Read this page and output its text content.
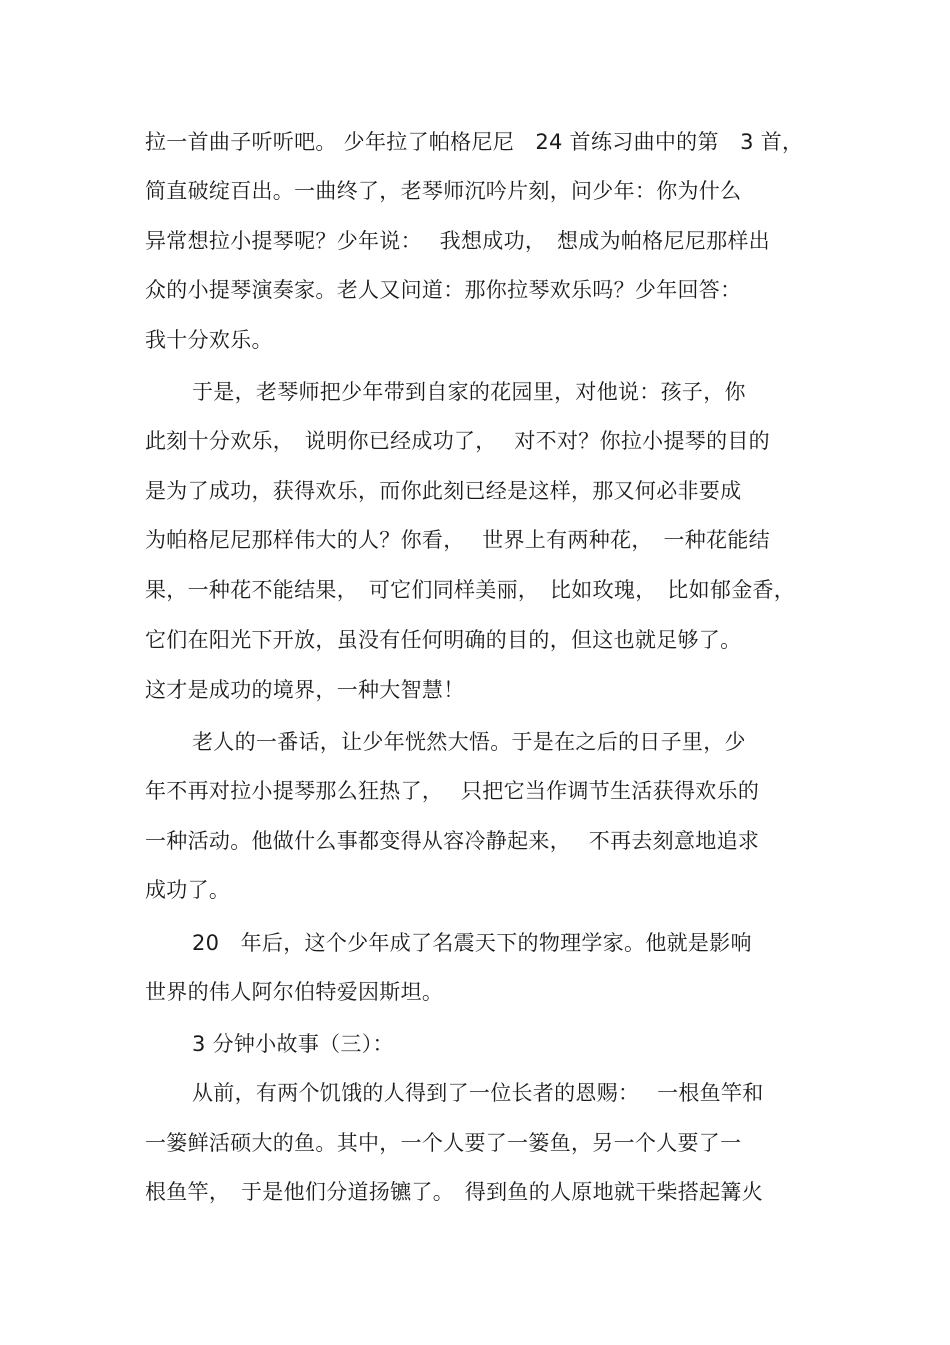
拉一首曲子听听吧。 少年拉了帕格尼尼　24 首练习曲中的第　3 首，
简直破绽百出。一曲终了，老琴师沉吟片刻，问少年：你为什么
异常想拉小提琴呢？少年说：　 我想成功，　想成为帕格尼尼那样出
众的小提琴演奏家。老人又问道：那你拉琴欢乐吗？少年回答：
我十分欢乐。
于是，老琴师把少年带到自家的花园里，对他说：孩子，你
此刻十分欢乐，　说明你已经成功了，　 对不对？你拉小提琴的目的
是为了成功，获得欢乐，而你此刻已经是这样，那又何必非要成
为帕格尼尼那样伟大的人？你看，　 世界上有两种花，　一种花能结
果，一种花不能结果，　可它们同样美丽，　比如玫瑰，　比如郁金香，
它们在阳光下开放，虽没有任何明确的目的，但这也就足够了。
这才是成功的境界，一种大智慧！
老人的一番话，让少年恍然大悟。于是在之后的日子里，少
年不再对拉小提琴那么狂热了，　 只把它当作调节生活获得欢乐的
一种活动。他做什么事都变得从容冷静起来，　 不再去刻意地追求
成功了。
20　年后，这个少年成了名震天下的物理学家。他就是影响
世界的伟人阿尔伯特爱因斯坦。
3 分钟小故事（三）：
从前，有两个饥饿的人得到了一位长者的恩赐：　 一根鱼竿和
一篓鲜活硕大的鱼。其中，一个人要了一篓鱼，另一个人要了一
根鱼竿，　于是他们分道扬镳了。　得到鱼的人原地就干柴搭起篝火
